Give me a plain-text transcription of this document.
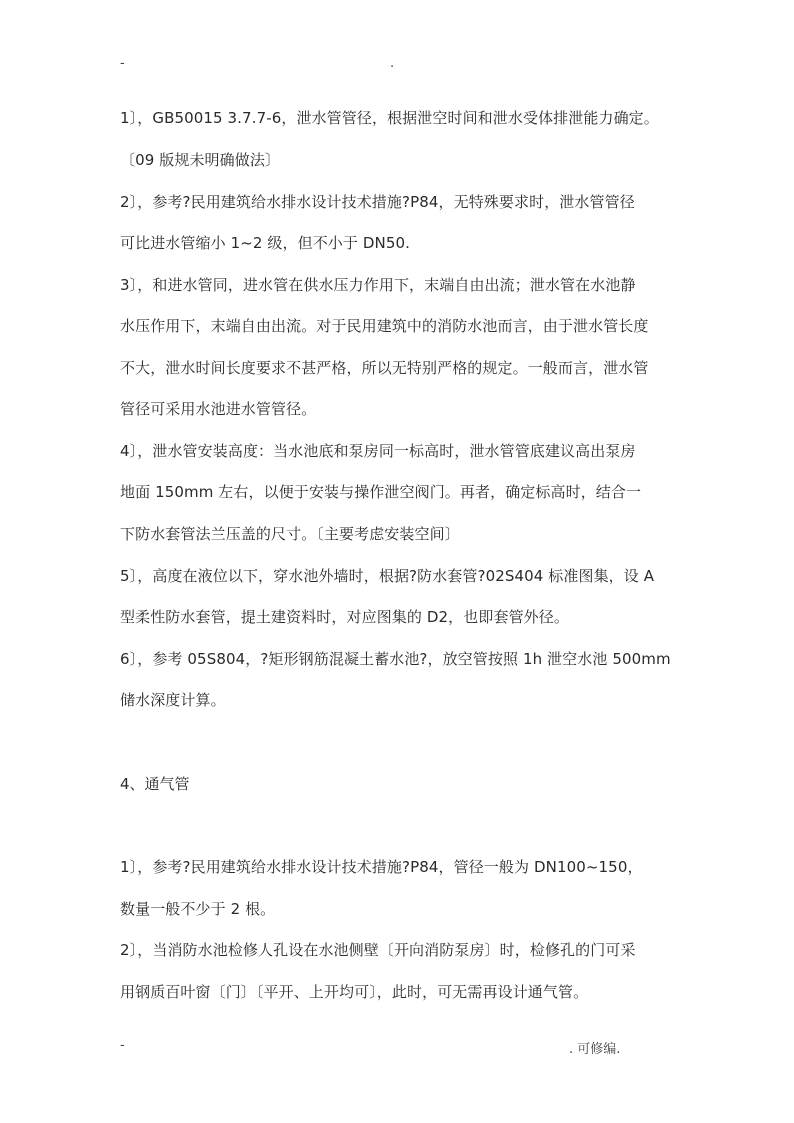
-	.
1〕，GB50015 3.7.7-6，泄水管管径，根据泄空时间和泄水受体排泄能力确定。
〔09 版规未明确做法〕
2〕，参考?民用建筑给水排水设计技术措施?P84，无特殊要求时，泄水管管径
可比进水管缩小 1~2 级，但不小于 DN50.
3〕，和进水管同，进水管在供水压力作用下，末端自由出流；泄水管在水池静
水压作用下，末端自由出流。对于民用建筑中的消防水池而言，由于泄水管长度
不大，泄水时间长度要求不甚严格，所以无特别严格的规定。一般而言，泄水管
管径可采用水池进水管管径。
4〕，泄水管安装高度：当水池底和泵房同一标高时，泄水管管底建议高出泵房
地面 150mm 左右，以便于安装与操作泄空阀门。再者，确定标高时，结合一
下防水套管法兰压盖的尺寸。〔主要考虑安装空间〕
5〕，高度在液位以下，穿水池外墙时，根据?防水套管?02S404 标准图集，设 A
型柔性防水套管，提土建资料时，对应图集的 D2，也即套管外径。
6〕，参考 05S804，?矩形钢筋混凝土蓄水池?，放空管按照 1h 泄空水池 500mm
储水深度计算。
4、通气管
1〕，参考?民用建筑给水排水设计技术措施?P84，管径一般为 DN100~150，
数量一般不少于 2 根。
2〕，当消防水池检修人孔设在水池侧壁〔开向消防泵房〕时，检修孔的门可采
用钢质百叶窗〔门〕〔平开、上开均可〕，此时，可无需再设计通气管。
-	. 可修编.
